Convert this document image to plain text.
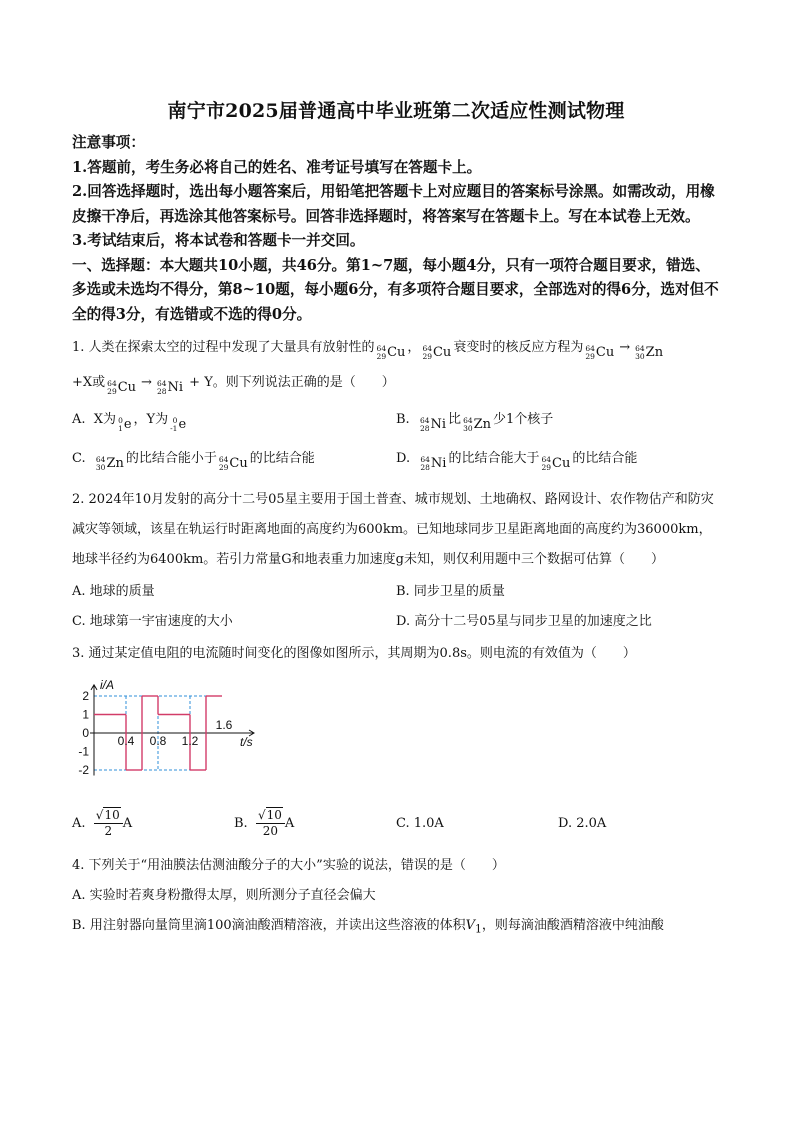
南宁市2025届普通高中毕业班第二次适应性测试物理

注意事项：

1.答题前，考生务必将自己的姓名、准考证号填写在答题卡上。

2.回答选择题时，选出每小题答案后，用铅笔把答题卡上对应题目的答案标号涂黑。如需改动，用橡皮擦干净后，再选涂其他答案标号。回答非选择题时，将答案写在答题卡上。写在本试卷上无效。

3.考试结束后，将本试卷和答题卡一并交回。

一、选择题：本大题共10小题，共46分。第1~7题，每小题4分，只有一项符合题目要求，错选、多选或未选均不得分，第8~10题，每小题6分，有多项符合题目要求，全部选对的得6分，选对但不全的得3分，有选错或不选的得0分。

1. 人类在探索太空的过程中发现了大量具有放射性的 64
29 Cu ， 64
29 Cu 衰变时的核反应方程为 64
29 Cu → 64
30 Zn

+X或 64
29 Cu → 64
28 Ni + Y。则下列说法正确的是（　　）

A. X为 0
1 e ，Y为 0
-1 e	B. 64
28 Ni 比 64
30 Zn 少1个核子
C. 64
30 Zn 的比结合能小于 64
29 Cu 的比结合能	D. 64
28 Ni 的比结合能大于 64
29 Cu 的比结合能

2. 2024年10月发射的高分十二号05星主要用于国土普查、城市规划、土地确权、路网设计、农作物估产和防灾减灾等领域，该星在轨运行时距离地面的高度约为600km。已知地球同步卫星距离地面的高度约为36000km，地球半径约为6400km。若引力常量G和地表重力加速度g未知，则仅利用题中三个数据可估算（　　）

A. 地球的质量	B. 同步卫星的质量
C. 地球第一宇宙速度的大小	D. 高分十二号05星与同步卫星的加速度之比

3. 通过某定值电阻的电流随时间变化的图像如图所示，其周期为0.8s。则电流的有效值为（　　）

2
1
0
-1
-2
0.4 0.8 1.2
1.6
i/A
t/s
A.
$\frac{√10}{2}$ A	B.
$\frac{√10}{20}$ A	C. 1.0A	D. 2.0A

4. 下列关于“用油膜法估测油酸分子的大小”实验的说法，错误的是（　　）

A. 实验时若爽身粉撒得太厚，则所测分子直径会偏大

B. 用注射器向量筒里滴100滴油酸酒精溶液，并读出这些溶液的体积$V_1$，则每滴油酸酒精溶液中纯油酸
